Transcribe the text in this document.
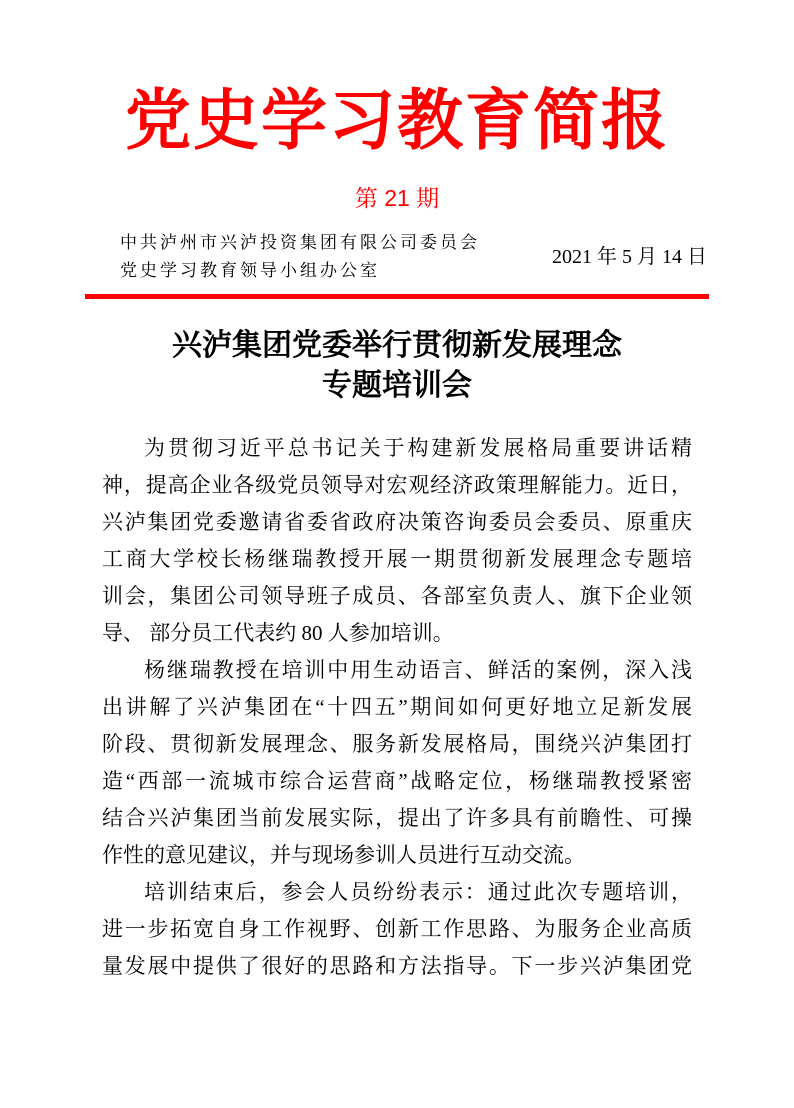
党史学习教育简报
第 21 期
中共泸州市兴泸投资集团有限公司委员会
党史学习教育领导小组办公室
2021 年 5 月 14 日
兴泸集团党委举行贯彻新发展理念
专题培训会
为贯彻习近平总书记关于构建新发展格局重要讲话精
神，提高企业各级党员领导对宏观经济政策理解能力。近日，
兴泸集团党委邀请省委省政府决策咨询委员会委员、原重庆
工商大学校长杨继瑞教授开展一期贯彻新发展理念专题培
训会，集团公司领导班子成员、各部室负责人、旗下企业领
导、 部分员工代表约 80 人参加培训。
杨继瑞教授在培训中用生动语言、鲜活的案例，深入浅
出讲解了兴泸集团在“十四五”期间如何更好地立足新发展
阶段、贯彻新发展理念、服务新发展格局，围绕兴泸集团打
造“西部一流城市综合运营商”战略定位，杨继瑞教授紧密
结合兴泸集团当前发展实际，提出了许多具有前瞻性、可操
作性的意见建议，并与现场参训人员进行互动交流。
培训结束后，参会人员纷纷表示：通过此次专题培训，
进一步拓宽自身工作视野、创新工作思路、为服务企业高质
量发展中提供了很好的思路和方法指导。下一步兴泸集团党
